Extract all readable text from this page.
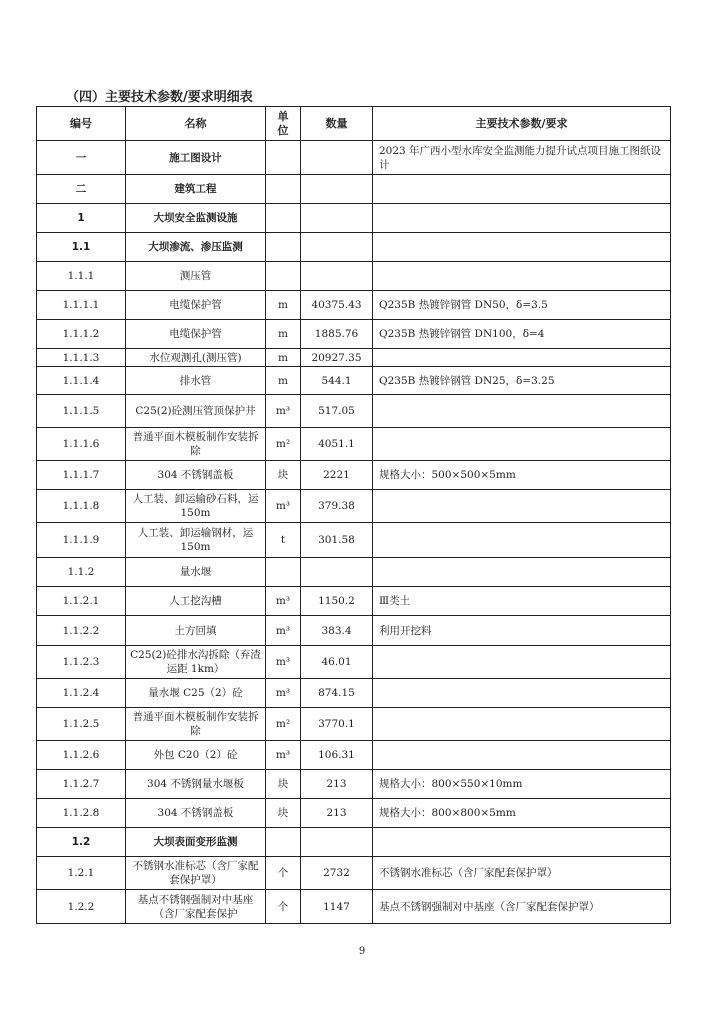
（四）主要技术参数/要求明细表
编号	名称	单位	数量	主要技术参数/要求
一	施工图设计			2023 年广西小型水库安全监测能力提升试点项目施工图纸设计
二	建筑工程			
1	大坝安全监测设施			
1.1	大坝渗流、渗压监测			
1.1.1	测压管			
1.1.1.1	电缆保护管	m	40375.43	Q235B 热镀锌钢管 DN50，δ=3.5
1.1.1.2	电缆保护管	m	1885.76	Q235B 热镀锌钢管 DN100，δ=4
1.1.1.3	水位观测孔(测压管)	m	20927.35	
1.1.1.4	排水管	m	544.1	Q235B 热镀锌钢管 DN25，δ=3.25
1.1.1.5	C25(2)砼测压管顶保护井	m³	517.05	
1.1.1.6	普通平面木模板制作安装拆除	m²	4051.1	
1.1.1.7	304 不锈钢盖板	块	2221	规格大小：500×500×5mm
1.1.1.8	人工装、卸运输砂石料，运 150m	m³	379.38	
1.1.1.9	人工装、卸运输钢材，运 150m	t	301.58	
1.1.2	量水堰			
1.1.2.1	人工挖沟槽	m³	1150.2	Ⅲ类土
1.1.2.2	土方回填	m³	383.4	利用开挖料
1.1.2.3	C25(2)砼排水沟拆除（弃渣运距 1km）	m³	46.01	
1.1.2.4	量水堰 C25（2）砼	m³	874.15	
1.1.2.5	普通平面木模板制作安装拆除	m²	3770.1	
1.1.2.6	外包 C20（2）砼	m³	106.31	
1.1.2.7	304 不锈钢量水堰板	块	213	规格大小：800×550×10mm
1.1.2.8	304 不锈钢盖板	块	213	规格大小：800×800×5mm
1.2	大坝表面变形监测			
1.2.1	不锈钢水准标芯（含厂家配套保护罩）	个	2732	不锈钢水准标芯（含厂家配套保护罩）
1.2.2	基点不锈钢强制对中基座（含厂家配套保护	个	1147	基点不锈钢强制对中基座（含厂家配套保护罩）
9
